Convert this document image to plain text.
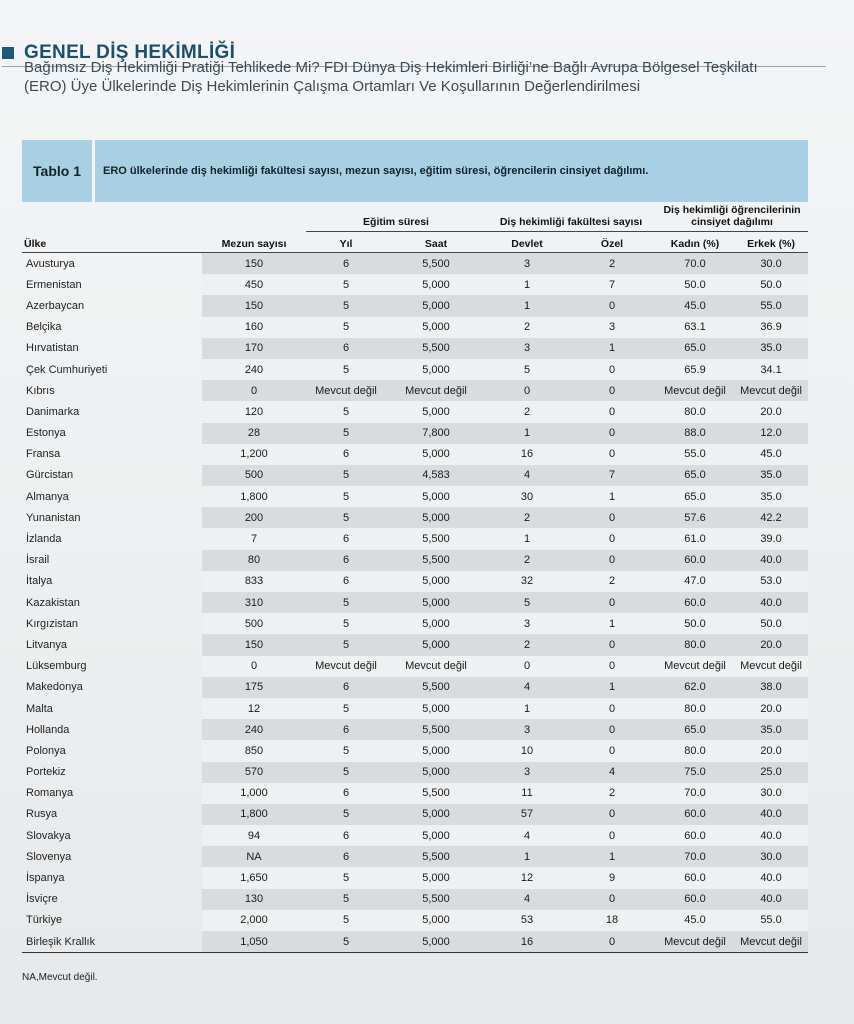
GENEL DİŞ HEKİMLİĞİ
Bağımsız Diş Hekimliği Pratiği Tehlikede Mi? FDI Dünya Diş Hekimleri Birliği’ne Bağlı Avrupa Bölgesel Teşkilatı (ERO) Üye Ülkelerinde Diş Hekimlerinin Çalışma Ortamları Ve Koşullarının Değerlendirilmesi
Tablo 1	ERO ülkelerinde diş hekimliği fakültesi sayısı, mezun sayısı, eğitim süresi, öğrencilerin cinsiyet dağılımı.

		Eğitim süresi		Diş hekimliği fakültesi sayısı		Diş hekimliği öğrencilerinin cinsiyet dağılımı	

Ülke	Mezun sayısı	Yıl	Saat	Devlet	Özel	Kadın (%)	Erkek (%)
Avusturya	150	6	5,500	3	2	70.0	30.0
Ermenistan	450	5	5,000	1	7	50.0	50.0
Azerbaycan	150	5	5,000	1	0	45.0	55.0
Belçika	160	5	5,000	2	3	63.1	36.9
Hırvatistan	170	6	5,500	3	1	65.0	35.0
Çek Cumhuriyeti	240	5	5,000	5	0	65.9	34.1
Kıbrıs	0	Mevcut değil	Mevcut değil	0	0	Mevcut değil	Mevcut değil
Danimarka	120	5	5,000	2	0	80.0	20.0
Estonya	28	5	7,800	1	0	88.0	12.0
Fransa	1,200	6	5,000	16	0	55.0	45.0
Gürcistan	500	5	4,583	4	7	65.0	35.0
Almanya	1,800	5	5,000	30	1	65.0	35.0
Yunanistan	200	5	5,000	2	0	57.6	42.2
İzlanda	7	6	5,500	1	0	61.0	39.0
İsrail	80	6	5,500	2	0	60.0	40.0
İtalya	833	6	5,000	32	2	47.0	53.0
Kazakistan	310	5	5,000	5	0	60.0	40.0
Kırgızistan	500	5	5,000	3	1	50.0	50.0
Litvanya	150	5	5,000	2	0	80.0	20.0
Lüksemburg	0	Mevcut değil	Mevcut değil	0	0	Mevcut değil	Mevcut değil
Makedonya	175	6	5,500	4	1	62.0	38.0
Malta	12	5	5,000	1	0	80.0	20.0
Hollanda	240	6	5,500	3	0	65.0	35.0
Polonya	850	5	5,000	10	0	80.0	20.0
Portekiz	570	5	5,000	3	4	75.0	25.0
Romanya	1,000	6	5,500	11	2	70.0	30.0
Rusya	1,800	5	5,000	57	0	60.0	40.0
Slovakya	94	6	5,000	4	0	60.0	40.0
Slovenya	NA	6	5,500	1	1	70.0	30.0
İspanya	1,650	5	5,000	12	9	60.0	40.0
İsviçre	130	5	5,500	4	0	60.0	40.0
Türkiye	2,000	5	5,000	53	18	45.0	55.0
Birleşik Krallık	1,050	5	5,000	16	0	Mevcut değil	Mevcut değil
NA,Mevcut değil.
